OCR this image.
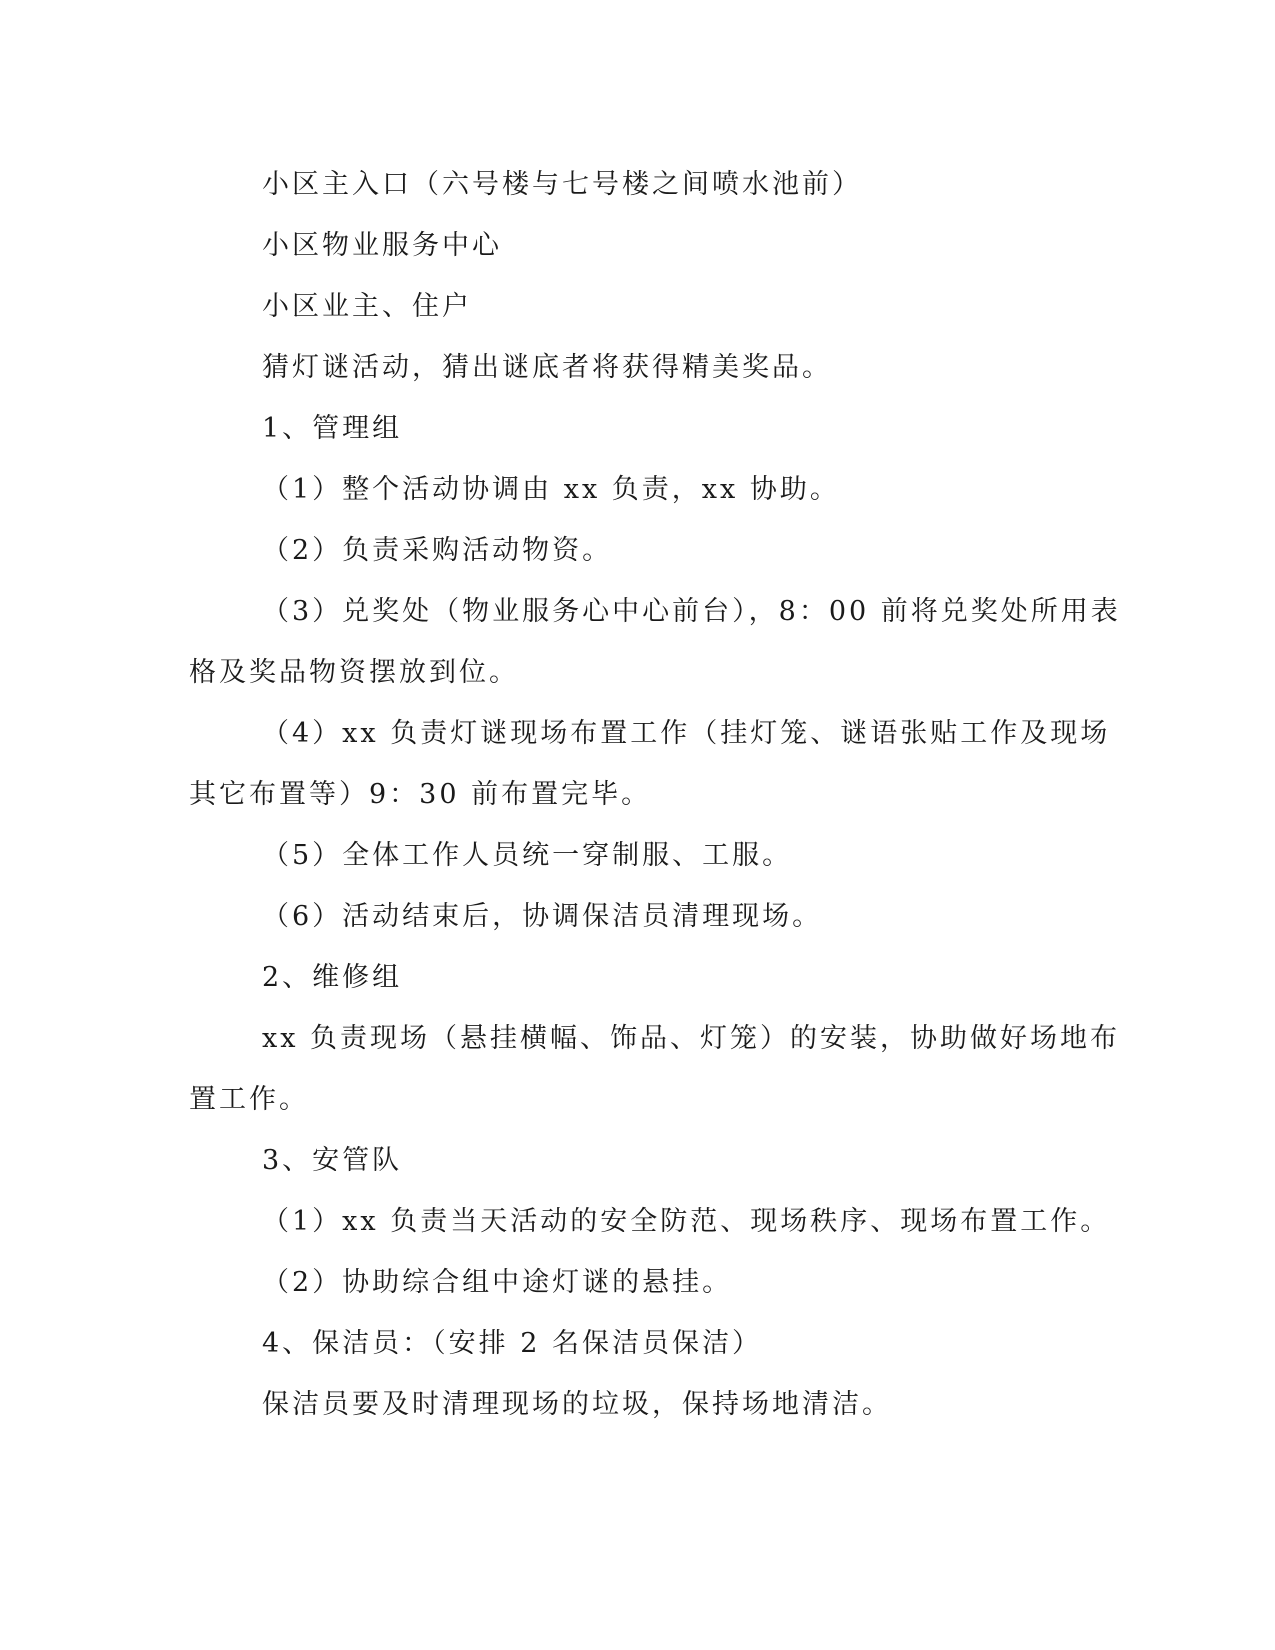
小区主入口（六号楼与七号楼之间喷水池前）

小区物业服务中心

小区业主、住户

猜灯谜活动，猜出谜底者将获得精美奖品。

1、管理组

（1）整个活动协调由 xx 负责，xx 协助。

（2）负责采购活动物资。

（3）兑奖处（物业服务心中心前台），8：00 前将兑奖处所用表

格及奖品物资摆放到位。

（4）xx 负责灯谜现场布置工作（挂灯笼、谜语张贴工作及现场

其它布置等）9：30 前布置完毕。

（5）全体工作人员统一穿制服、工服。

（6）活动结束后，协调保洁员清理现场。

2、维修组

xx 负责现场（悬挂横幅、饰品、灯笼）的安装，协助做好场地布

置工作。

3、安管队

（1）xx 负责当天活动的安全防范、现场秩序、现场布置工作。

（2）协助综合组中途灯谜的悬挂。

4、保洁员：（安排 2 名保洁员保洁）

保洁员要及时清理现场的垃圾，保持场地清洁。
